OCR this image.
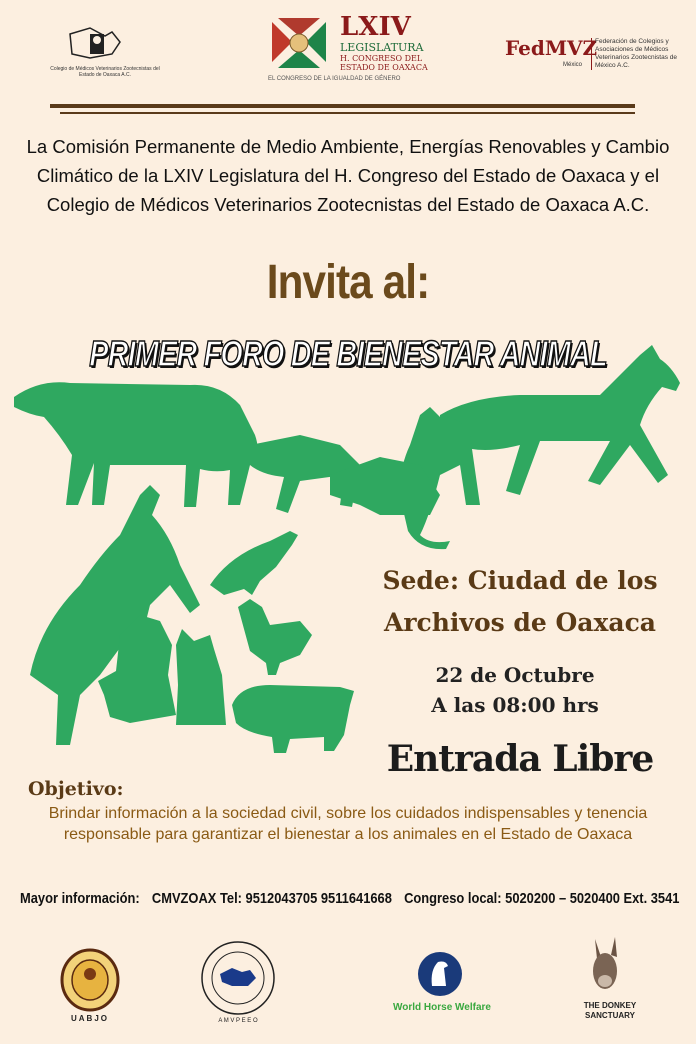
Colegio de Médicos Veterinarios Zootecnistas del Estado de Oaxaca A.C.
LXIV
LEGISLATURA
H. CONGRESO DEL
ESTADO DE OAXACA
EL CONGRESO DE LA IGUALDAD DE GÉNERO
FedMVZ
México
Federación de Colegios y Asociaciones de Médicos Veterinarios Zootecnistas de México A.C.
La Comisión Permanente de Medio Ambiente, Energías Renovables y Cambio Climático de la LXIV Legislatura del H. Congreso del Estado de Oaxaca y el Colegio de Médicos Veterinarios Zootecnistas del Estado de Oaxaca A.C.
Invita al:
PRIMER FORO DE BIENESTAR ANIMAL
Sede: Ciudad de los
Archivos de Oaxaca
22 de Octubre
A las 08:00 hrs
Entrada Libre
Objetivo:
Brindar información a la sociedad civil, sobre los cuidados indispensables y tenencia responsable para garantizar el bienestar a los animales en el Estado de Oaxaca
Mayor información: CMVZOAX Tel: 9512043705 9511641668 Congreso local: 5020200 – 5020400 Ext. 3541
UABJO	A M V P E E O
World Horse Welfare	THE DONKEY
SANCTUARY
